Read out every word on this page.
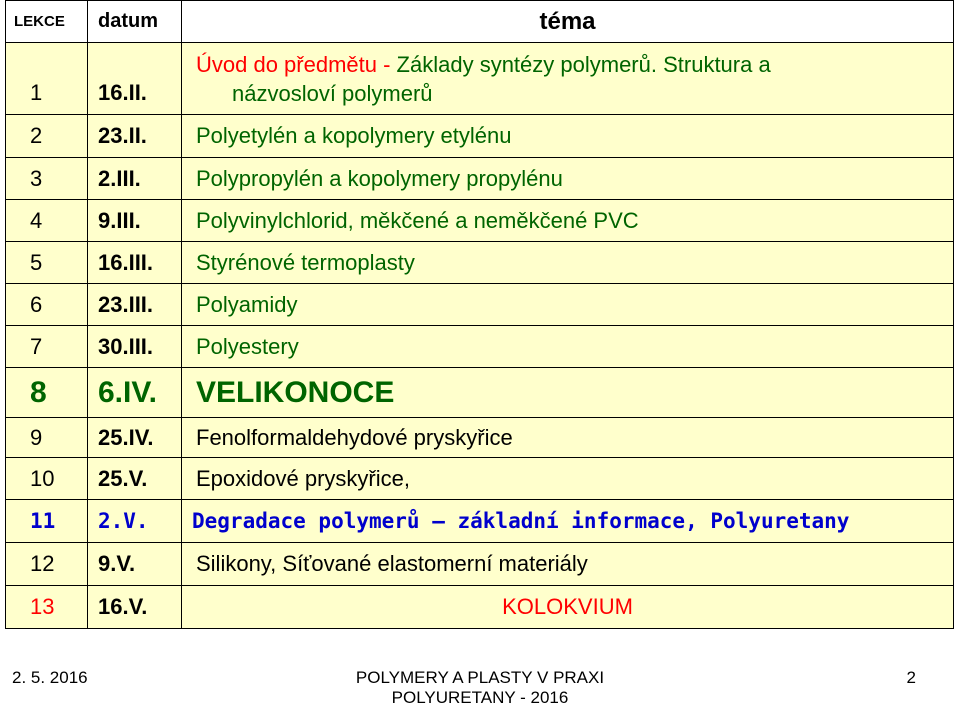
LEKCE	datum	téma
1	16.II.	Úvod do předmětu - Základy syntézy polymerů. Struktura a
názvosloví polymerů
2	23.II.	Polyetylén a kopolymery etylénu
3	2.III.	Polypropylén a kopolymery propylénu
4	9.III.	Polyvinylchlorid, měkčené a neměkčené PVC
5	16.III.	Styrénové termoplasty
6	23.III.	Polyamidy
7	30.III.	Polyestery
8	6.IV.	VELIKONOCE
9	25.IV.	Fenolformaldehydové pryskyřice
10	25.V.	Epoxidové pryskyřice,
11	2.V.	Degradace polymerů – základní informace, Polyuretany
12	9.V.	Silikony, Síťované elastomerní materiály
13	16.V.	KOLOKVIUM
2. 5. 2016	POLYMERY A PLASTY V PRAXI
POLYURETANY - 2016
2
